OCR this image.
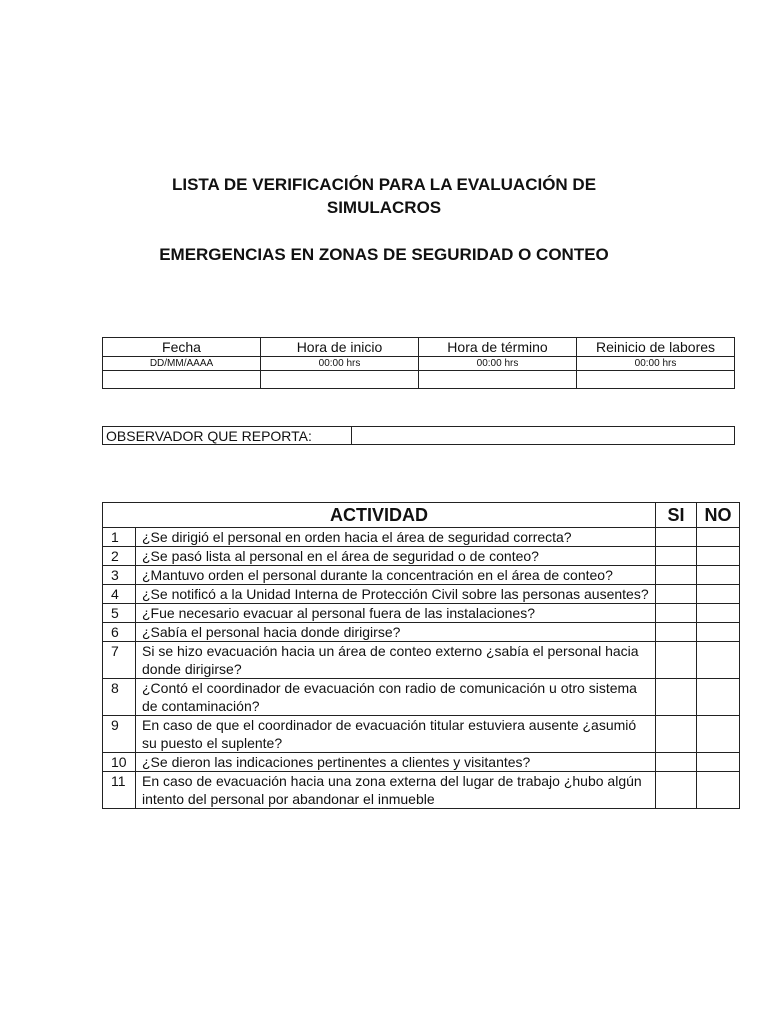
LISTA DE VERIFICACIÓN PARA LA EVALUACIÓN DE
SIMULACROS
EMERGENCIAS EN ZONAS DE SEGURIDAD O CONTEO
Fecha	Hora de inicio	Hora de término	Reinicio de labores
DD/MM/AAAA	00:00 hrs	00:00 hrs	00:00 hrs

OBSERVADOR QUE REPORTA:	
ACTIVIDAD		SI	NO
1	¿Se dirigió el personal en orden hacia el área de seguridad correcta?		
2	¿Se pasó lista al personal en el área de seguridad o de conteo?		
3	¿Mantuvo orden el personal durante la concentración en el área de conteo?		
4	¿Se notificó a la Unidad Interna de Protección Civil sobre las personas ausentes?		
5	¿Fue necesario evacuar al personal fuera de las instalaciones?		
6	¿Sabía el personal hacia donde dirigirse?		
7	Si se hizo evacuación hacia un área de conteo externo ¿sabía el personal hacia donde dirigirse?		
8	¿Contó el coordinador de evacuación con radio de comunicación u otro sistema de contaminación?		
9	En caso de que el coordinador de evacuación titular estuviera ausente ¿asumió su puesto el suplente?		
10	¿Se dieron las indicaciones pertinentes a clientes y visitantes?		
11	En caso de evacuación hacia una zona externa del lugar de trabajo ¿hubo algún intento del personal por abandonar el inmueble		
